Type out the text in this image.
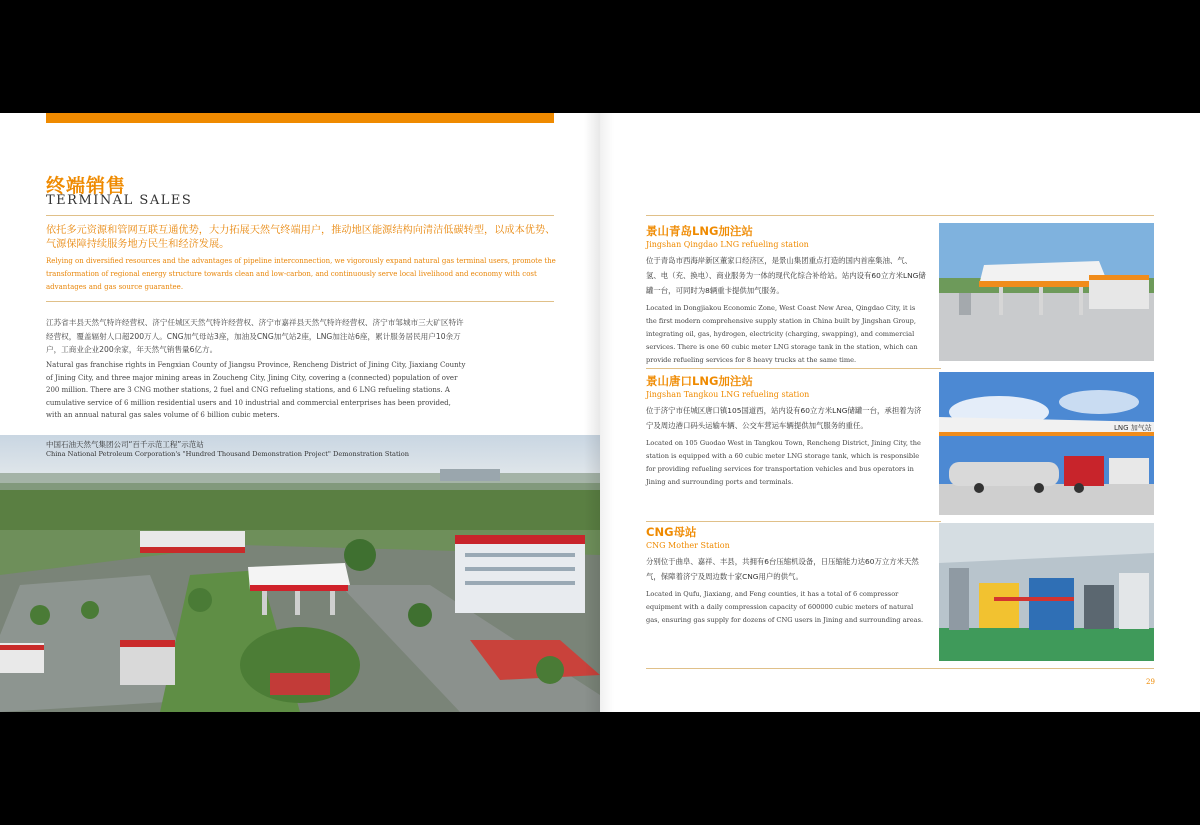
终端销售
TERMINAL SALES
依托多元资源和管网互联互通优势，大力拓展天然气终端用户，推动地区能源结构向清洁低碳转型，以成本优势、气源保障持续服务地方民生和经济发展。
Relying on diversified resources and the advantages of pipeline interconnection, we vigorously expand natural gas terminal users, promote the transformation of regional energy structure towards clean and low-carbon, and continuously serve local livelihood and economy with cost advantages and gas source guarantee.
江苏省丰县天然气特许经营权、济宁任城区天然气特许经营权、济宁市嘉祥县天然气特许经营权、济宁市邹城市三大矿区特许经营权，覆盖辐射人口超200万人。CNG加气母站3座，加油及CNG加气站2座，LNG加注站6座，累计服务居民用户10余万户，工商业企业200余家，年天然气销售量6亿方。
Natural gas franchise rights in Fengxian County of Jiangsu Province, Rencheng District of Jining City, Jiaxiang County of Jining City, and three major mining areas in Zoucheng City, Jining City, covering a (connected) population of over 200 million. There are 3 CNG mother stations, 2 fuel and CNG refueling stations, and 6 LNG refueling stations. A cumulative service of 6 million residential users and 10 industrial and commercial enterprises has been provided, with an annual natural gas sales volume of 6 billion cubic meters.
中国石油天然气集团公司“百千示范工程”示范站
China National Petroleum Corporation's "Hundred Thousand Demonstration Project" Demonstration Station
景山青岛LNG加注站
Jingshan Qingdao LNG refueling station
位于青岛市西海岸新区董家口经济区，是景山集团重点打造的国内首座集油、气、氢、电（充、换电）、商业服务为一体的现代化综合补给站。站内设有60立方米LNG储罐一台，可同时为8辆重卡提供加气服务。
Located in Dongjiakou Economic Zone, West Coast New Area, Qingdao City, it is the first modern comprehensive supply station in China built by Jingshan Group, integrating oil, gas, hydrogen, electricity (charging, swapping), and commercial services. There is one 60 cubic meter LNG storage tank in the station, which can provide refueling services for 8 heavy trucks at the same time.
景山唐口LNG加注站
Jingshan Tangkou LNG refueling station
位于济宁市任城区唐口镇105国道西，站内设有60立方米LNG储罐一台，承担着为济宁及周边港口码头运输车辆、公交车营运车辆提供加气服务的重任。
Located on 105 Guodao West in Tangkou Town, Rencheng District, Jining City, the station is equipped with a 60 cubic meter LNG storage tank, which is responsible for providing refueling services for transportation vehicles and bus operators in Jining and surrounding ports and terminals.
LNG 加气站
CNG母站
CNG Mother Station
分别位于曲阜、嘉祥、丰县，共拥有6台压缩机设备，日压缩能力达60万立方米天然气，保障着济宁及周边数十家CNG用户的供气。
Located in Qufu, Jiaxiang, and Feng counties, it has a total of 6 compressor equipment with a daily compression capacity of 600000 cubic meters of natural gas, ensuring gas supply for dozens of CNG users in Jining and surrounding areas.
29
